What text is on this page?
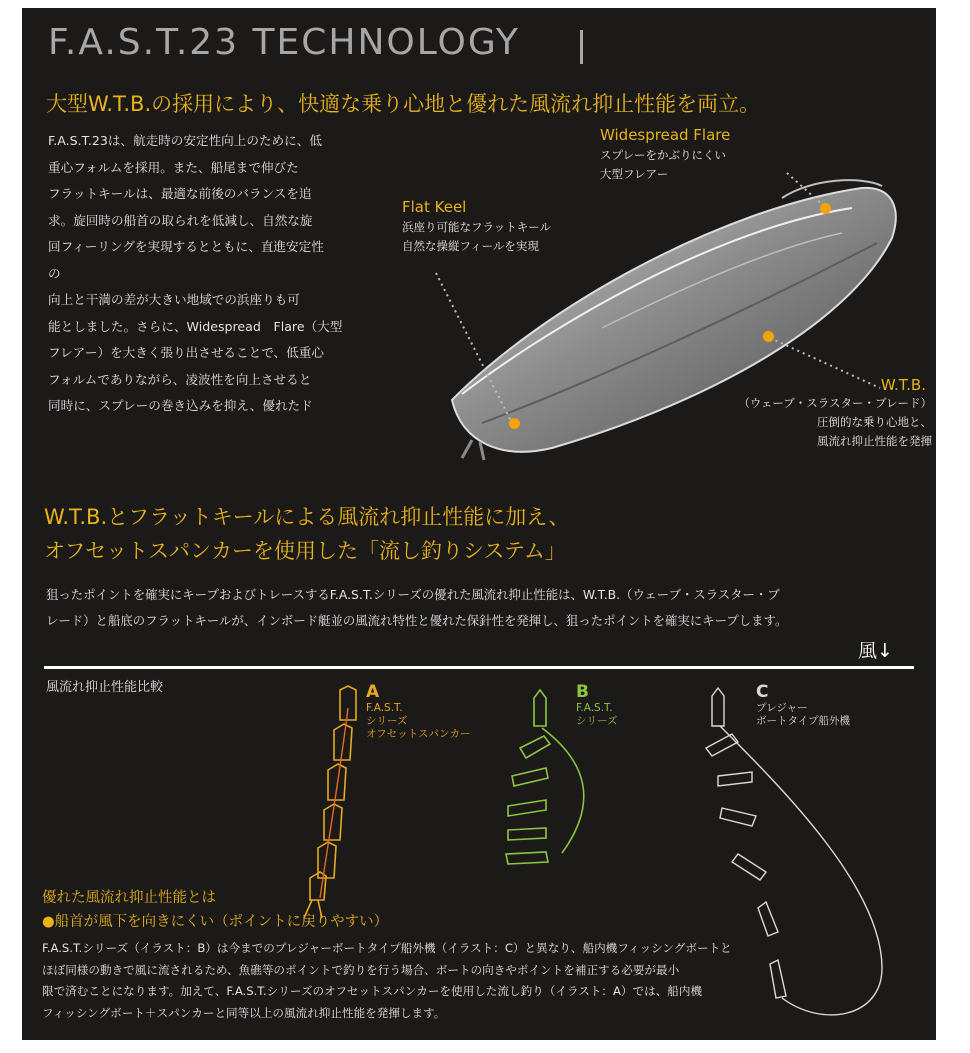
F.A.S.T.23 TECHNOLOGY
大型W.T.B.の採用により、快適な乗り心地と優れた風流れ抑止性能を両立。

F.A.S.T.23は、航走時の安定性向上のために、低

重心フォルムを採用。また、船尾まで伸びた

フラットキールは、最適な前後のバランスを追

求。旋回時の船首の取られを低減し、自然な旋

回フィーリングを実現するとともに、直進安定性

の

向上と干満の差が大きい地域での浜座りも可

能としました。さらに、Widespread　Flare（大型

フレアー）を大きく張り出させることで、低重心

フォルムでありながら、凌波性を向上させると

同時に、スプレーの巻き込みを抑え、優れたド

Widespread Flare
スプレーをかぶりにくい
大型フレアー
Flat Keel
浜座り可能なフラットキール
自然な操縦フィールを実現
W.T.B.
（ウェーブ・スラスター・ブレード）
圧倒的な乗り心地と、
風流れ抑止性能を発揮
W.T.B.とフラットキールによる風流れ抑止性能に加え、
オフセットスパンカーを使用した「流し釣りシステム」
狙ったポイントを確実にキープおよびトレースするF.A.S.T.シリーズの優れた風流れ抑止性能は、W.T.B.（ウェーブ・スラスター・ブ
レード）と船底のフラットキールが、インボード艇並の風流れ特性と優れた保針性を発揮し、狙ったポイントを確実にキープします。
風↓
風流れ抑止性能比較	A
F.A.S.T.
シリーズ
オフセットスパンカー
B
F.A.S.T.
シリーズ
C
プレジャー
ボートタイプ船外機
優れた風流れ抑止性能とは
●船首が風下を向きにくい（ポイントに戻りやすい）
F.A.S.T.シリーズ（イラスト：B）は今までのプレジャーボートタイプ船外機（イラスト：C）と異なり、船内機フィッシングボートと
ほぼ同様の動きで風に流されるため、魚礁等のポイントで釣りを行う場合、ボートの向きやポイントを補正する必要が最小
限で済むことになります。加えて、F.A.S.T.シリーズのオフセットスパンカーを使用した流し釣り（イラスト：A）では、船内機
フィッシングボート＋スパンカーと同等以上の風流れ抑止性能を発揮します。
